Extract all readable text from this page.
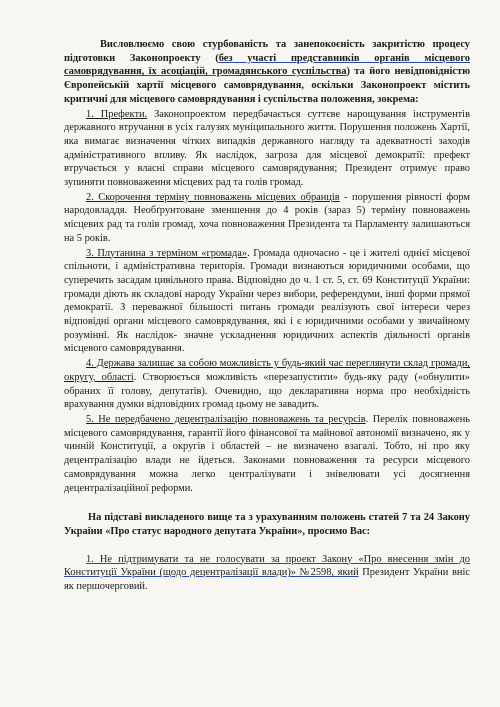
Висловлюємо свою стурбованість та занепокоєність закритістю процесу підготовки Законопроекту (без участі представників органів місцевого самоврядування, їх асоціацій, громадянського суспільства) та його невідповідністю Європейській хартії місцевого самоврядування, оскільки Законопроект містить критичні для місцевого самоврядування і суспільства положення, зокрема:

1. Префекти. Законопроектом передбачається суттєве нарощування інструментів державного втручання в усіх галузях муніципального життя. Порушення положень Хартії, яка вимагає визначення чітких випадків державного нагляду та адекватності заходів адміністративного впливу. Як наслідок, загроза для місцевої демократії: префект втручається у власні справи місцевого самоврядування; Президент отримує право зупиняти повноваження місцевих рад та голів громад.

2. Скорочення терміну повноважень місцевих обранців - порушення рівності форм народовладдя. Необґрунтоване зменшення до 4 років (зараз 5) терміну повноважень місцевих рад та голів громад, хоча повноваження Президента та Парламенту залишаються на 5 років.

3. Плутанина з терміном «громада». Громада одночасно - це і жителі однієї місцевої спільноти, і адміністративна територія. Громади визнаються юридичними особами, що суперечить засадам цивільного права. Відповідно до ч. 1 ст. 5, ст. 69 Конституції України: громади діють як складові народу України через вибори, референдуми, інші форми прямої демократії. З переважної більшості питань громади реалізують свої інтереси через відповідні органи місцевого самоврядування, які і є юридичними особами у звичайному розумінні. Як наслідок- значне ускладнення юридичних аспектів діяльності органів місцевого самоврядування.

4. Держава залишає за собою можливість у будь-який час переглянути склад громади, округу, області. Створюється можливість «перезапустити» будь-яку раду («обнулити» обраних її голову, депутатів). Очевидно, що декларативна норма про необхідність врахування думки відповідних громад цьому не завадить.

5. Не передбачено децентралізацію повноважень та ресурсів. Перелік повноважень місцевого самоврядування, гарантії його фінансової та майнової автономії визначено, як у чинній Конституції, а округів і областей – не визначено взагалі. Тобто, ні про яку децентралізацію влади не йдеться. Законами повноваження та ресурси місцевого самоврядування можна легко централізувати і знівелювати усі досягнення децентралізаційної реформи.

На підставі викладеного вище та з урахуванням положень статей 7 та 24 Закону України «Про статус народного депутата України», просимо Вас:

1. Не підтримувати та не голосувати за проект Закону «Про внесення змін до Конституції України (щодо децентралізації влади)» №2598, який Президент України вніс як першочерговий.
